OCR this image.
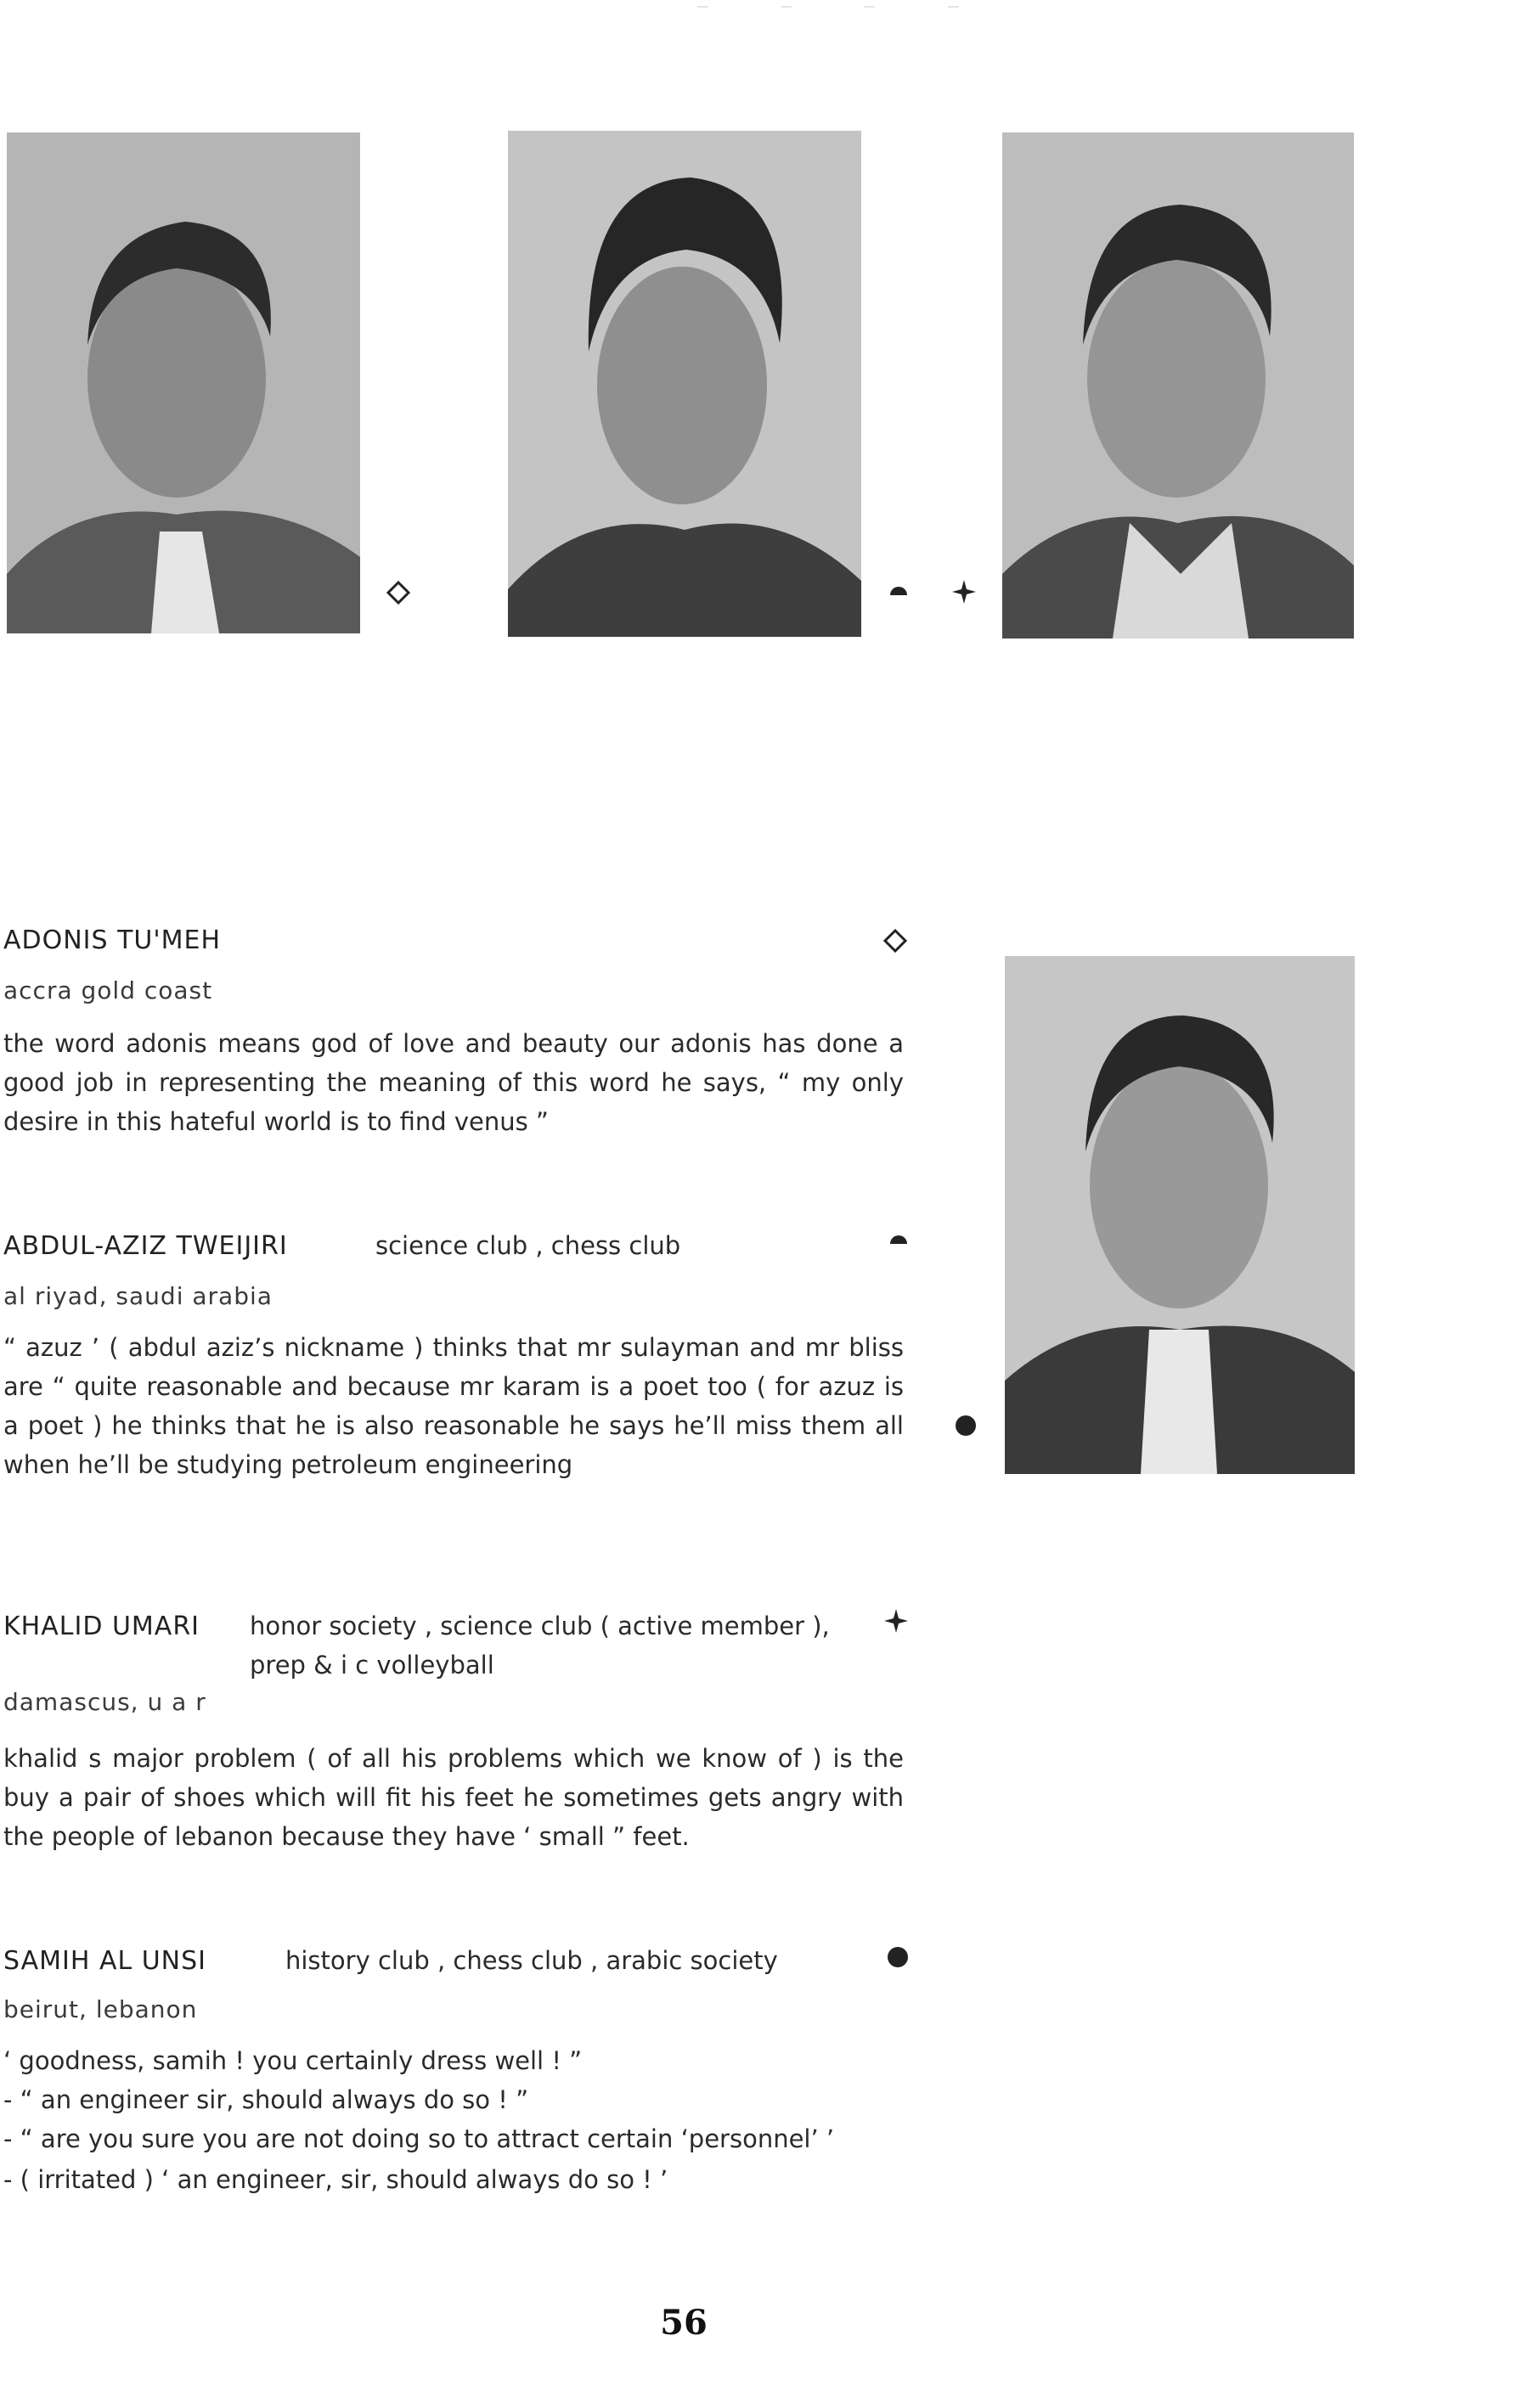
— — — —
ADONIS TU'MEH
accra gold coast
the word adonis means god of love and beauty our adonis has done a good job in representing the meaning of this word he says, “ my only desire in this hateful world is to find venus ”
ABDUL-AZIZ TWEIJIRI	science club , chess club
al riyad, saudi arabia
“ azuz ’ ( abdul aziz’s nickname ) thinks that mr sulayman and mr bliss are “ quite reasonable and because mr karam is a poet too ( for azuz is a poet ) he thinks that he is also reasonable he says he’ll miss them all when he’ll be studying petroleum engineering
KHALID UMARI honor society , science club ( active member ),
prep & i c volleyball
damascus, u a r
khalid s major problem ( of all his problems which we know of ) is the buy a pair of shoes which will fit his feet he sometimes gets angry with the people of lebanon because they have ‘ small ” feet.
SAMIH AL UNSI	history club , chess club , arabic society
beirut, lebanon
‘ goodness, samih ! you certainly dress well ! ”
- “ an engineer sir, should always do so ! ”
- “ are you sure you are not doing so to attract certain ‘personnel’ ’
- ( irritated ) ‘ an engineer, sir, should always do so ! ’
56
